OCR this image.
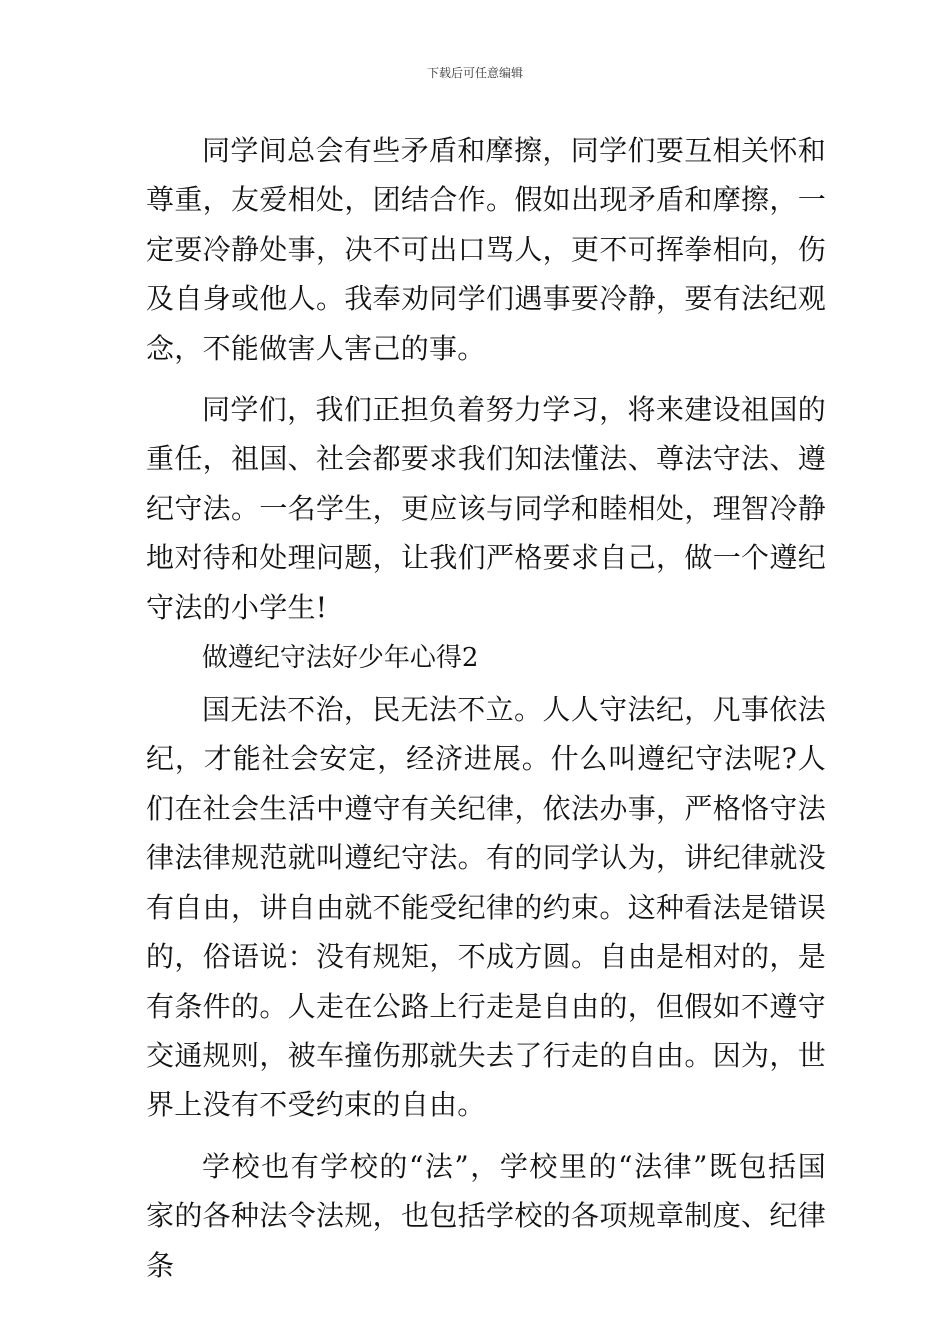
下载后可任意编辑

同学间总会有些矛盾和摩擦，同学们要互相关怀和尊重，友爱相处，团结合作。假如出现矛盾和摩擦，一定要冷静处事，决不可出口骂人，更不可挥拳相向，伤及自身或他人。我奉劝同学们遇事要冷静，要有法纪观念，不能做害人害己的事。

同学们，我们正担负着努力学习，将来建设祖国的重任，祖国、社会都要求我们知法懂法、尊法守法、遵纪守法。一名学生，更应该与同学和睦相处，理智冷静地对待和处理问题，让我们严格要求自己，做一个遵纪守法的小学生!

做遵纪守法好少年心得2

国无法不治，民无法不立。人人守法纪，凡事依法纪，才能社会安定，经济进展。什么叫遵纪守法呢?人们在社会生活中遵守有关纪律，依法办事，严格恪守法律法律规范就叫遵纪守法。有的同学认为，讲纪律就没有自由，讲自由就不能受纪律的约束。这种看法是错误的，俗语说：没有规矩，不成方圆。自由是相对的，是有条件的。人走在公路上行走是自由的，但假如不遵守交通规则，被车撞伤那就失去了行走的自由。因为，世界上没有不受约束的自由。

学校也有学校的“法”，学校里的“法律”既包括国家的各种法令法规，也包括学校的各项规章制度、纪律条
